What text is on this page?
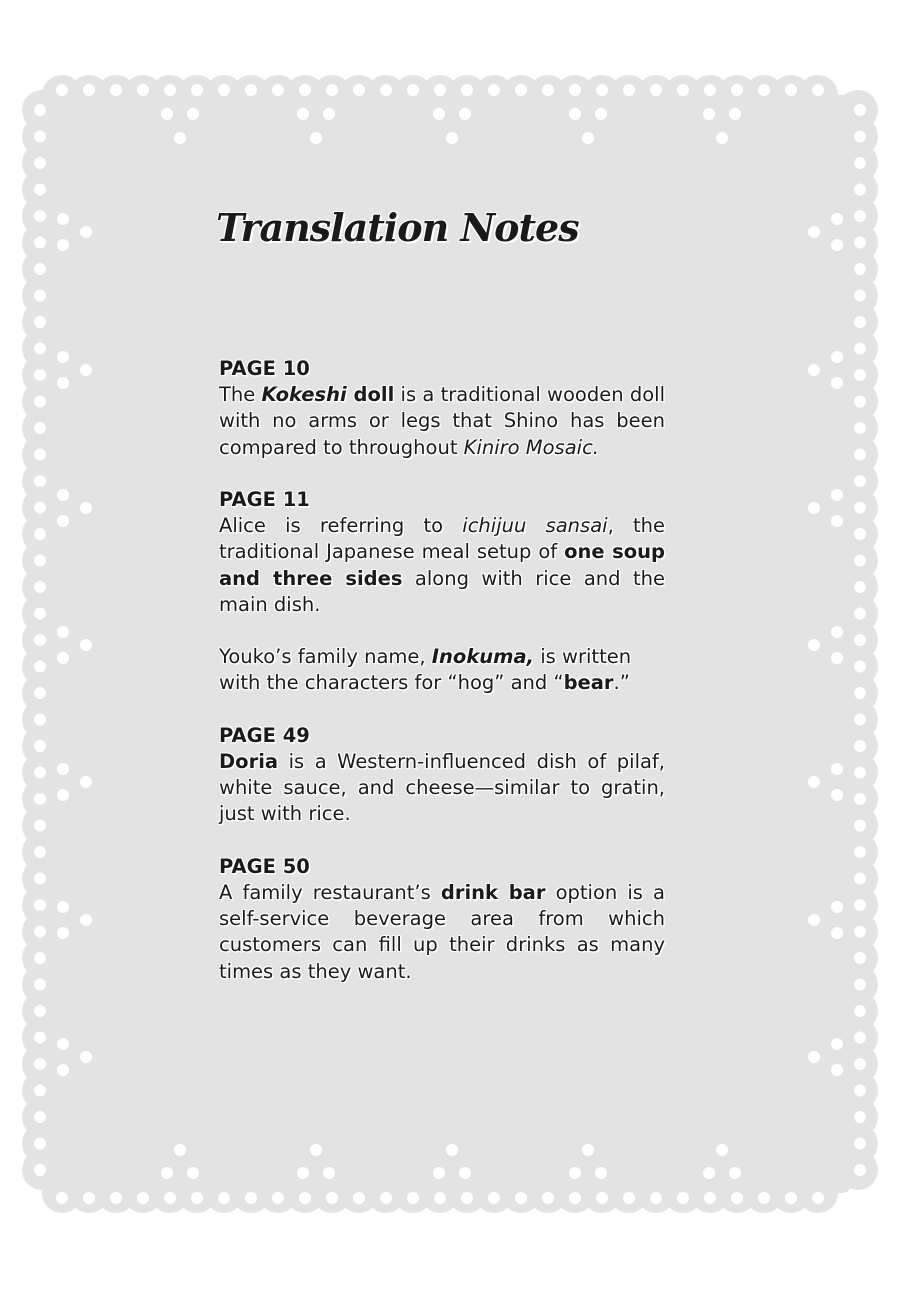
Translation Notes
PAGE 10

The Kokeshi doll is a traditional wooden doll with no arms or legs that Shino has been compared to throughout Kiniro Mosaic.

PAGE 11

Alice is referring to ichijuu sansai, the traditional Japanese meal setup of one soup and three sides along with rice and the main dish.

Youko’s family name, Inokuma, is written with the characters for “hog” and “bear.”

PAGE 49

Doria is a Western-influenced dish of pilaf, white sauce, and cheese—similar to gratin, just with rice.

PAGE 50

A family restaurant’s drink bar option is a self-service beverage area from which customers can fill up their drinks as many times as they want.
